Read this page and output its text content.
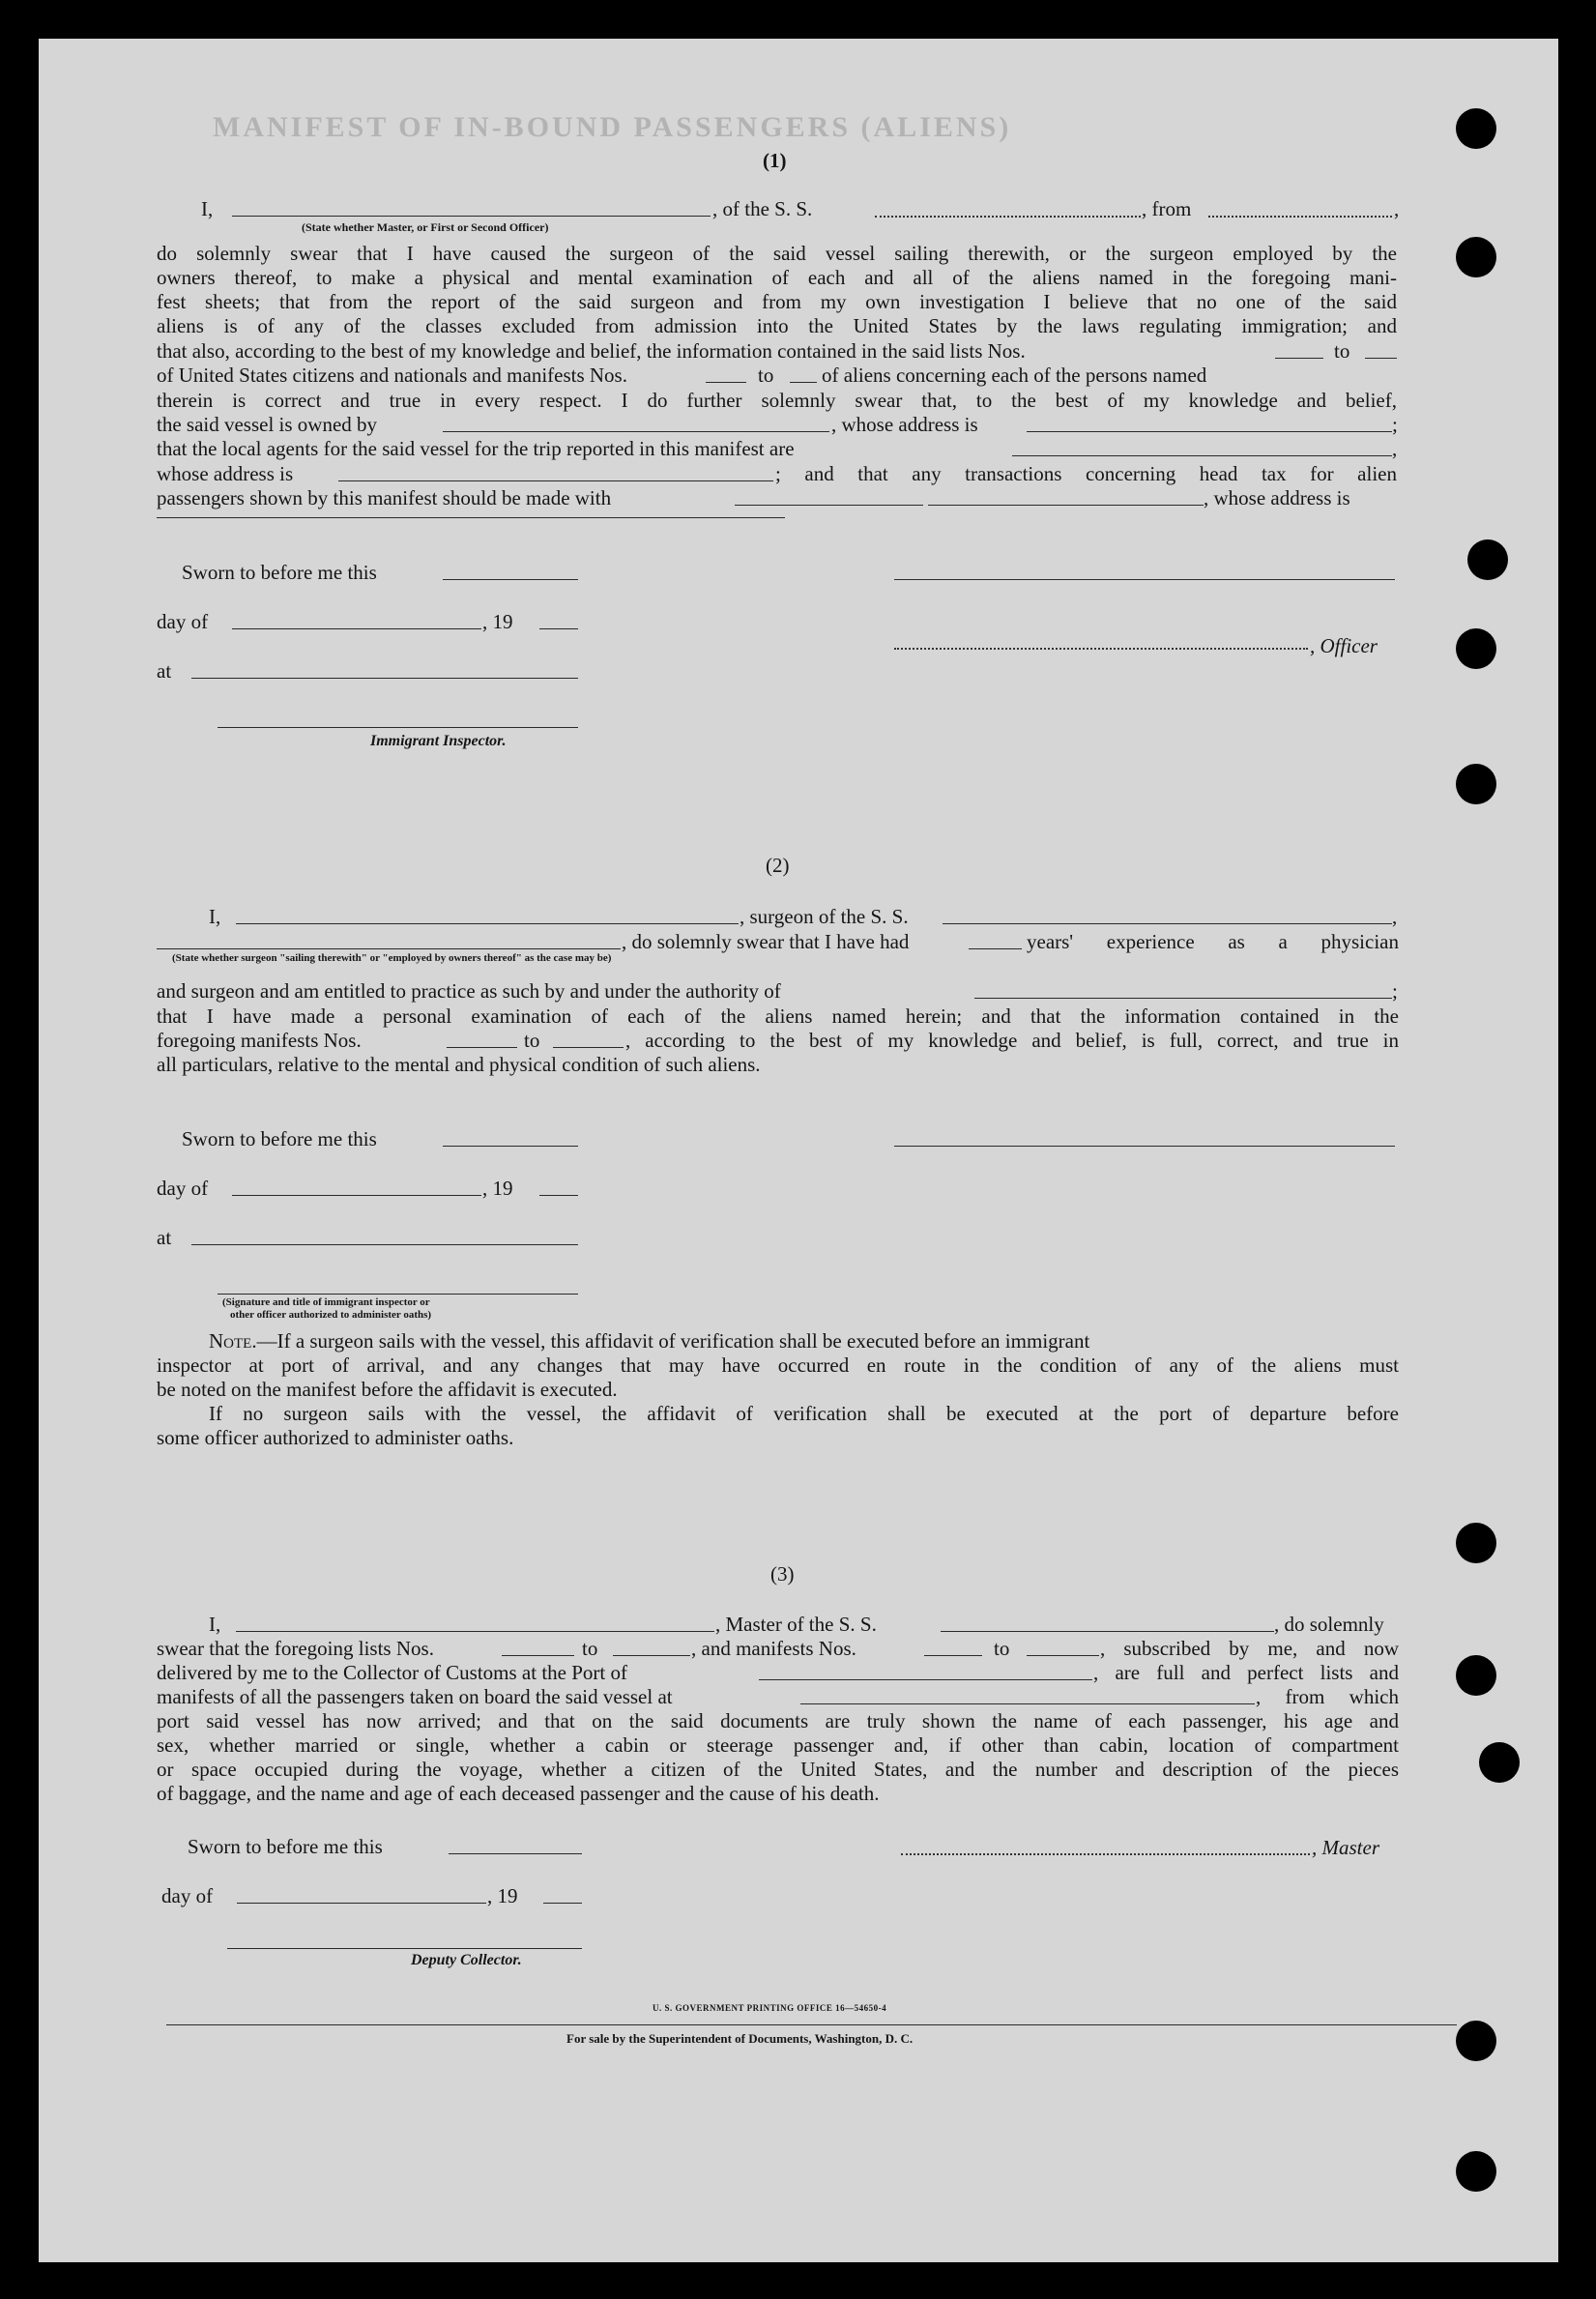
MANIFEST OF IN-BOUND PASSENGERS (ALIENS)
(1)
I,	, of the S. S.	, from	,
(State whether Master, or First or Second Officer)
do solemnly swear that I have caused the surgeon of the said vessel sailing therewith, or the surgeon employed by the
owners thereof, to make a physical and mental examination of each and all of the aliens named in the foregoing mani-
fest sheets; that from the report of the said surgeon and from my own investigation I believe that no one of the said
aliens is of any of the classes excluded from admission into the United States by the laws regulating immigration; and
that also, according to the best of my knowledge and belief, the information contained in the said lists Nos.	to
of United States citizens and nationals and manifests Nos.	to of aliens concerning each of the persons named
therein is correct and true in every respect. I do further solemnly swear that, to the best of my knowledge and belief,
the said vessel is owned by	, whose address is	;
that the local agents for the said vessel for the trip reported in this manifest are	,
whose address is	; and that any transactions concerning head tax for alien
passengers shown by this manifest should be made with	, whose address is
Sworn to before me this
day of	, 19
, Officer
at
Immigrant Inspector.
(2)
I,	, surgeon of the S. S.	,
, do solemnly swear that I have had	years' experience as a physician
(State whether surgeon "sailing therewith" or "employed by owners thereof" as the case may be)
and surgeon and am entitled to practice as such by and under the authority of	;
that I have made a personal examination of each of the aliens named herein; and that the information contained in the
foregoing manifests Nos.	to	, according to the best of my knowledge and belief, is full, correct, and true in
all particulars, relative to the mental and physical condition of such aliens.
Sworn to before me this
day of	, 19
at
(Signature and title of immigrant inspector or
other officer authorized to administer oaths)
Note.—If a surgeon sails with the vessel, this affidavit of verification shall be executed before an immigrant
inspector at port of arrival, and any changes that may have occurred en route in the condition of any of the aliens must
be noted on the manifest before the affidavit is executed.
If no surgeon sails with the vessel, the affidavit of verification shall be executed at the port of departure before
some officer authorized to administer oaths.
(3)
I,	, Master of the S. S.	, do solemnly
swear that the foregoing lists Nos.	to	, and manifests Nos.	to	, subscribed by me, and now
delivered by me to the Collector of Customs at the Port of	, are full and perfect lists and
manifests of all the passengers taken on board the said vessel at	, from which
port said vessel has now arrived; and that on the said documents are truly shown the name of each passenger, his age and
sex, whether married or single, whether a cabin or steerage passenger and, if other than cabin, location of compartment
or space occupied during the voyage, whether a citizen of the United States, and the number and description of the pieces
of baggage, and the name and age of each deceased passenger and the cause of his death.
Sworn to before me this	, Master
day of	, 19
Deputy Collector.
U. S. GOVERNMENT PRINTING OFFICE 16—54650-4
For sale by the Superintendent of Documents, Washington, D. C.
